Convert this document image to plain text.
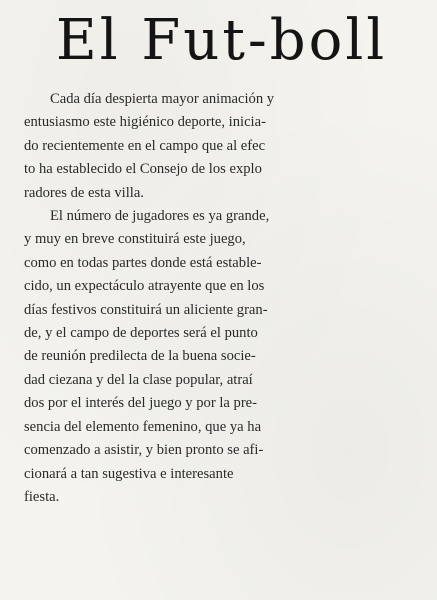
El Fut-boll

Cada día despierta mayor animación y
entusiasmo este higiénico deporte, inicia-
do recientemente en el campo que al efec
to ha establecido el Consejo de los explo
radores de esta villa.

El número de jugadores es ya grande,
y muy en breve constituirá este juego,
como en todas partes donde está estable-
cido, un expectáculo atrayente que en los
días festivos constituirá un aliciente gran-
de, y el campo de deportes será el punto
de reunión predilecta de la buena socie-
dad ciezana y del la clase popular, atraí
dos por el interés del juego y por la pre-
sencia del elemento femenino, que ya ha
comenzado a asistir, y bien pronto se afi-
cionará a tan sugestiva e interesante
fiesta.
